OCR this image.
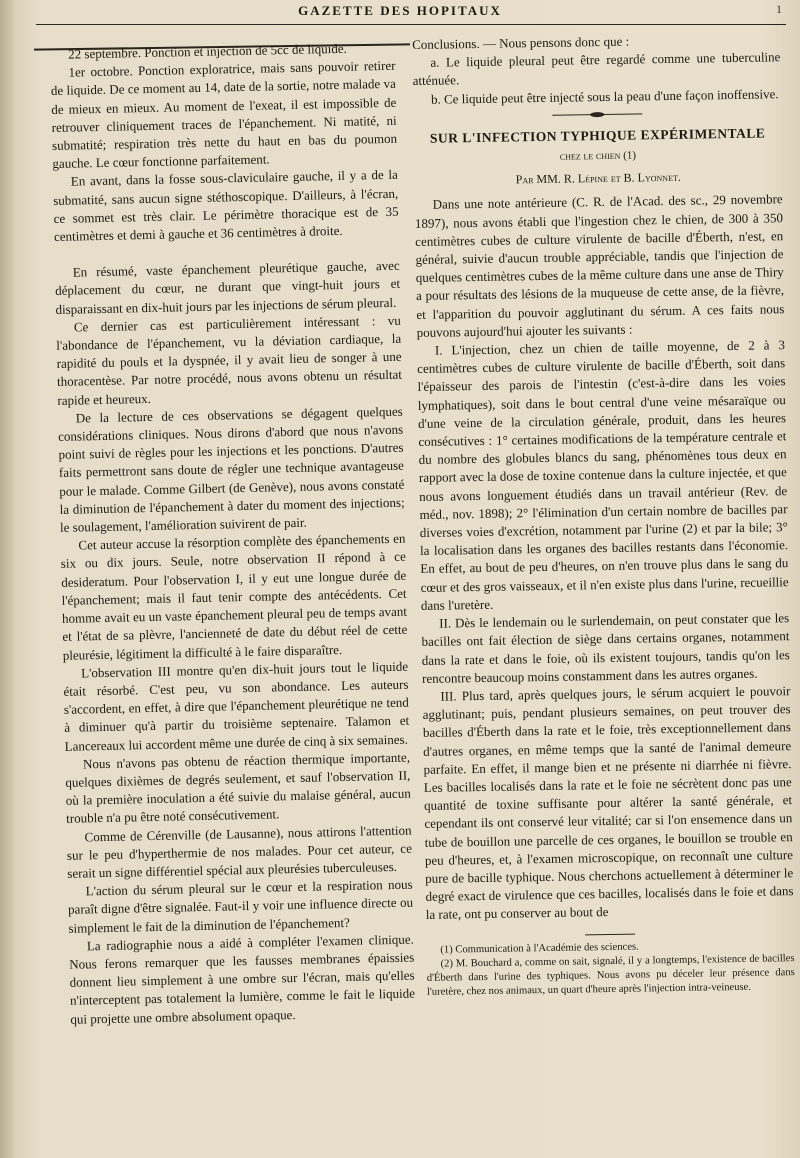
GAZETTE DES HOPITAUX	1

22 septembre. Ponction et injection de 5cc de liquide.

1er octobre. Ponction exploratrice, mais sans pouvoir retirer de liquide. De ce moment au 14, date de la sortie, notre malade va de mieux en mieux. Au moment de l'exeat, il est impossible de retrouver cliniquement traces de l'épanchement. Ni matité, ni submatité; respiration très nette du haut en bas du poumon gauche. Le cœur fonctionne parfaitement.

En avant, dans la fosse sous-claviculaire gauche, il y a de la submatité, sans aucun signe stéthoscopique. D'ailleurs, à l'écran, ce sommet est très clair. Le périmètre thoracique est de 35 centimètres et demi à gauche et 36 centimètres à droite.

En résumé, vaste épanchement pleurétique gauche, avec déplacement du cœur, ne durant que vingt-huit jours et disparaissant en dix-huit jours par les injections de sérum pleural.

Ce dernier cas est particulièrement intéressant : vu l'abondance de l'épanchement, vu la déviation cardiaque, la rapidité du pouls et la dyspnée, il y avait lieu de songer à une thoracentèse. Par notre procédé, nous avons obtenu un résultat rapide et heureux.

De la lecture de ces observations se dégagent quelques considérations cliniques. Nous dirons d'abord que nous n'avons point suivi de règles pour les injections et les ponctions. D'autres faits permettront sans doute de régler une technique avantageuse pour le malade. Comme Gilbert (de Genève), nous avons constaté la diminution de l'épanchement à dater du moment des injections; le soulagement, l'amélioration suivirent de pair.

Cet auteur accuse la résorption complète des épanchements en six ou dix jours. Seule, notre observation II répond à ce desideratum. Pour l'observation I, il y eut une longue durée de l'épanchement; mais il faut tenir compte des antécédents. Cet homme avait eu un vaste épanchement pleural peu de temps avant et l'état de sa plèvre, l'ancienneté de date du début réel de cette pleurésie, légitiment la difficulté à le faire disparaître.

L'observation III montre qu'en dix-huit jours tout le liquide était résorbé. C'est peu, vu son abondance. Les auteurs s'accordent, en effet, à dire que l'épanchement pleurétique ne tend à diminuer qu'à partir du troisième septenaire. Talamon et Lancereaux lui accordent même une durée de cinq à six semaines.

Nous n'avons pas obtenu de réaction thermique importante, quelques dixièmes de degrés seulement, et sauf l'observation II, où la première inoculation a été suivie du malaise général, aucun trouble n'a pu être noté consécutivement.

Comme de Cérenville (de Lausanne), nous attirons l'attention sur le peu d'hyperthermie de nos malades. Pour cet auteur, ce serait un signe différentiel spécial aux pleurésies tuberculeuses.

L'action du sérum pleural sur le cœur et la respiration nous paraît digne d'être signalée. Faut-il y voir une influence directe ou simplement le fait de la diminution de l'épanchement?

La radiographie nous a aidé à compléter l'examen clinique. Nous ferons remarquer que les fausses membranes épaissies donnent lieu simplement à une ombre sur l'écran, mais qu'elles n'interceptent pas totalement la lumière, comme le fait le liquide qui projette une ombre absolument opaque.

Conclusions. — Nous pensons donc que :

a. Le liquide pleural peut être regardé comme une tuberculine atténuée.

b. Ce liquide peut être injecté sous la peau d'une façon inoffensive.

SUR L'INFECTION TYPHIQUE EXPÉRIMENTALE
chez le chien (1)
Par MM. R. Lépine et B. Lyonnet.

Dans une note antérieure (C. R. de l'Acad. des sc., 29 novembre 1897), nous avons établi que l'ingestion chez le chien, de 300 à 350 centimètres cubes de culture virulente de bacille d'Éberth, n'est, en général, suivie d'aucun trouble appréciable, tandis que l'injection de quelques centimètres cubes de la même culture dans une anse de Thiry a pour résultats des lésions de la muqueuse de cette anse, de la fièvre, et l'apparition du pouvoir agglutinant du sérum. A ces faits nous pouvons aujourd'hui ajouter les suivants :

I. L'injection, chez un chien de taille moyenne, de 2 à 3 centimètres cubes de culture virulente de bacille d'Éberth, soit dans l'épaisseur des parois de l'intestin (c'est-à-dire dans les voies lymphatiques), soit dans le bout central d'une veine mésaraïque ou d'une veine de la circulation générale, produit, dans les heures consécutives : 1° certaines modifications de la température centrale et du nombre des globules blancs du sang, phénomènes tous deux en rapport avec la dose de toxine contenue dans la culture injectée, et que nous avons longuement étudiés dans un travail antérieur (Rev. de méd., nov. 1898); 2° l'élimination d'un certain nombre de bacilles par diverses voies d'excrétion, notamment par l'urine (2) et par la bile; 3° la localisation dans les organes des bacilles restants dans l'économie. En effet, au bout de peu d'heures, on n'en trouve plus dans le sang du cœur et des gros vaisseaux, et il n'en existe plus dans l'urine, recueillie dans l'uretère.

II. Dès le lendemain ou le surlendemain, on peut constater que les bacilles ont fait élection de siège dans certains organes, notamment dans la rate et dans le foie, où ils existent toujours, tandis qu'on les rencontre beaucoup moins constamment dans les autres organes.

III. Plus tard, après quelques jours, le sérum acquiert le pouvoir agglutinant; puis, pendant plusieurs semaines, on peut trouver des bacilles d'Éberth dans la rate et le foie, très exceptionnellement dans d'autres organes, en même temps que la santé de l'animal demeure parfaite. En effet, il mange bien et ne présente ni diarrhée ni fièvre. Les bacilles localisés dans la rate et le foie ne sécrètent donc pas une quantité de toxine suffisante pour altérer la santé générale, et cependant ils ont conservé leur vitalité; car si l'on ensemence dans un tube de bouillon une parcelle de ces organes, le bouillon se trouble en peu d'heures, et, à l'examen microscopique, on reconnaît une culture pure de bacille typhique. Nous cherchons actuellement à déterminer le degré exact de virulence que ces bacilles, localisés dans le foie et dans la rate, ont pu conserver au bout de

(1) Communication à l'Académie des sciences.

(2) M. Bouchard a, comme on sait, signalé, il y a longtemps, l'existence de bacilles d'Éberth dans l'urine des typhiques. Nous avons pu déceler leur présence dans l'uretère, chez nos animaux, un quart d'heure après l'injection intra-veineuse.
